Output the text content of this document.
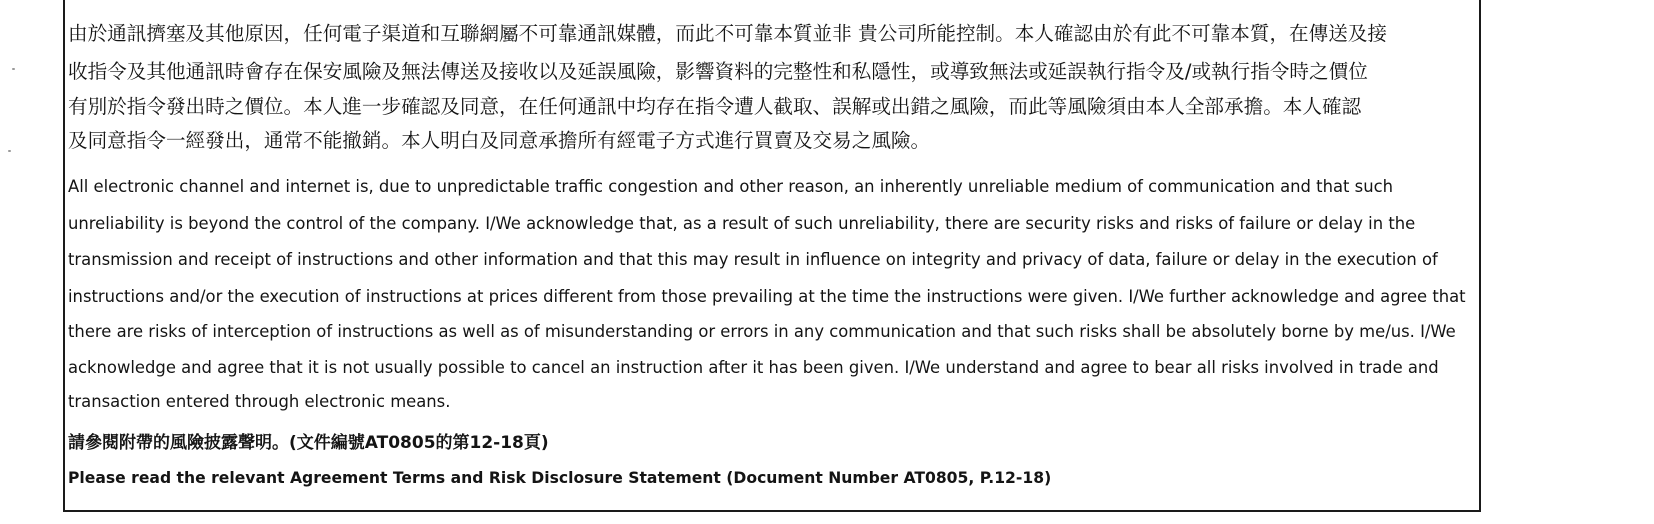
由於通訊擠塞及其他原因，任何電子渠道和互聯網屬不可靠通訊媒體，而此不可靠本質並非 貴公司所能控制。本人確認由於有此不可靠本質，在傳送及接

收指令及其他通訊時會存在保安風險及無法傳送及接收以及延誤風險，影響資料的完整性和私隱性，或導致無法或延誤執行指令及/或執行指令時之價位

有別於指令發出時之價位。本人進一步確認及同意，在任何通訊中均存在指令遭人截取、誤解或出錯之風險，而此等風險須由本人全部承擔。本人確認

及同意指令一經發出，通常不能撤銷。本人明白及同意承擔所有經電子方式進行買賣及交易之風險。

All electronic channel and internet is, due to unpredictable traffic congestion and other reason, an inherently unreliable medium of communication and that such

unreliability is beyond the control of the company. I/We acknowledge that, as a result of such unreliability, there are security risks and risks of failure or delay in the

transmission and receipt of instructions and other information and that this may result in influence on integrity and privacy of data, failure or delay in the execution of

instructions and/or the execution of instructions at prices different from those prevailing at the time the instructions were given. I/We further acknowledge and agree that

there are risks of interception of instructions as well as of misunderstanding or errors in any communication and that such risks shall be absolutely borne by me/us. I/We

acknowledge and agree that it is not usually possible to cancel an instruction after it has been given. I/We understand and agree to bear all risks involved in trade and

transaction entered through electronic means.

請參閱附帶的風險披露聲明。(文件編號AT0805的第12-18頁)

Please read the relevant Agreement Terms and Risk Disclosure Statement (Document Number AT0805, P.12-18)
